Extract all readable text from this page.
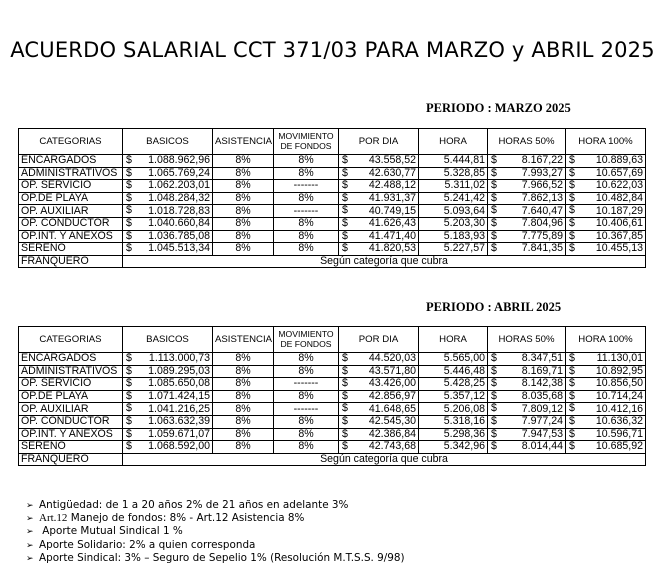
ACUERDO SALARIAL CCT 371/03 PARA MARZO y ABRIL 2025
PERIODO : MARZO 2025
CATEGORIAS	BASICOS	ASISTENCIA	MOVIMIENTO DE FONDOS	POR DIA	HORA	HORAS 50%	HORA 100%
ENCARGADOS	$ 1.088.962,96	8%	8%	$ 43.558,52	5.444,81	$ 8.167,22	$ 10.889,63
ADMINISTRATIVOS	$ 1.065.769,24	8%	8%	$ 42.630,77	5.328,85	$ 7.993,27	$ 10.657,69
OP. SERVICIO	$ 1.062.203,01	8%	-------	$ 42.488,12	5.311,02	$ 7.966,52	$ 10.622,03
OP.DE PLAYA	$ 1.048.284,32	8%	8%	$ 41.931,37	5.241,42	$ 7.862,13	$ 10.482,84
OP. AUXILIAR	$ 1.018.728,83	8%	-------	$ 40.749,15	5.093,64	$ 7.640,47	$ 10.187,29
OP. CONDUCTOR	$ 1.040.660,84	8%	8%	$ 41.626,43	5.203,30	$ 7.804,96	$ 10.406,61
OP.INT. Y ANEXOS	$ 1.036.785,08	8%	8%	$ 41.471,40	5.183,93	$ 7.775,89	$ 10.367,85
SERENO	$ 1.045.513,34	8%	8%	$ 41.820,53	5.227,57	$ 7.841,35	$ 10.455,13
FRANQUERO	Según categoría que cubra						
PERIODO : ABRIL 2025
CATEGORIAS	BASICOS	ASISTENCIA	MOVIMIENTO DE FONDOS	POR DIA	HORA	HORAS 50%	HORA 100%
ENCARGADOS	$ 1.113.000,73	8%	8%	$ 44.520,03	5.565,00	$ 8.347,51	$ 11.130,01
ADMINISTRATIVOS	$ 1.089.295,03	8%	8%	$ 43.571,80	5.446,48	$ 8.169,71	$ 10.892,95
OP. SERVICIO	$ 1.085.650,08	8%	-------	$ 43.426,00	5.428,25	$ 8.142,38	$ 10.856,50
OP.DE PLAYA	$ 1.071.424,15	8%	8%	$ 42.856,97	5.357,12	$ 8.035,68	$ 10.714,24
OP. AUXILIAR	$ 1.041.216,25	8%	-------	$ 41.648,65	5.206,08	$ 7.809,12	$ 10.412,16
OP. CONDUCTOR	$ 1.063.632,39	8%	8%	$ 42.545,30	5.318,16	$ 7.977,24	$ 10.636,32
OP.INT. Y ANEXOS	$ 1.059.671,07	8%	8%	$ 42.386,84	5.298,36	$ 7.947,53	$ 10.596,71
SERENO	$ 1.068.592,00	8%	8%	$ 42.743,68	5.342,96	$ 8.014,44	$ 10.685,92
FRANQUERO	Según categoría que cubra						
➢ Antigüedad: de 1 a 20 años 2% de 21 años en adelante 3%
➢ Art.12 Manejo de fondos: 8% - Art.12 Asistencia 8%
➢ Aporte Mutual Sindical 1 %
➢ Aporte Solidario: 2% a quien corresponda
➢ Aporte Sindical: 3% – Seguro de Sepelio 1% (Resolución M.T.S.S. 9/98)
